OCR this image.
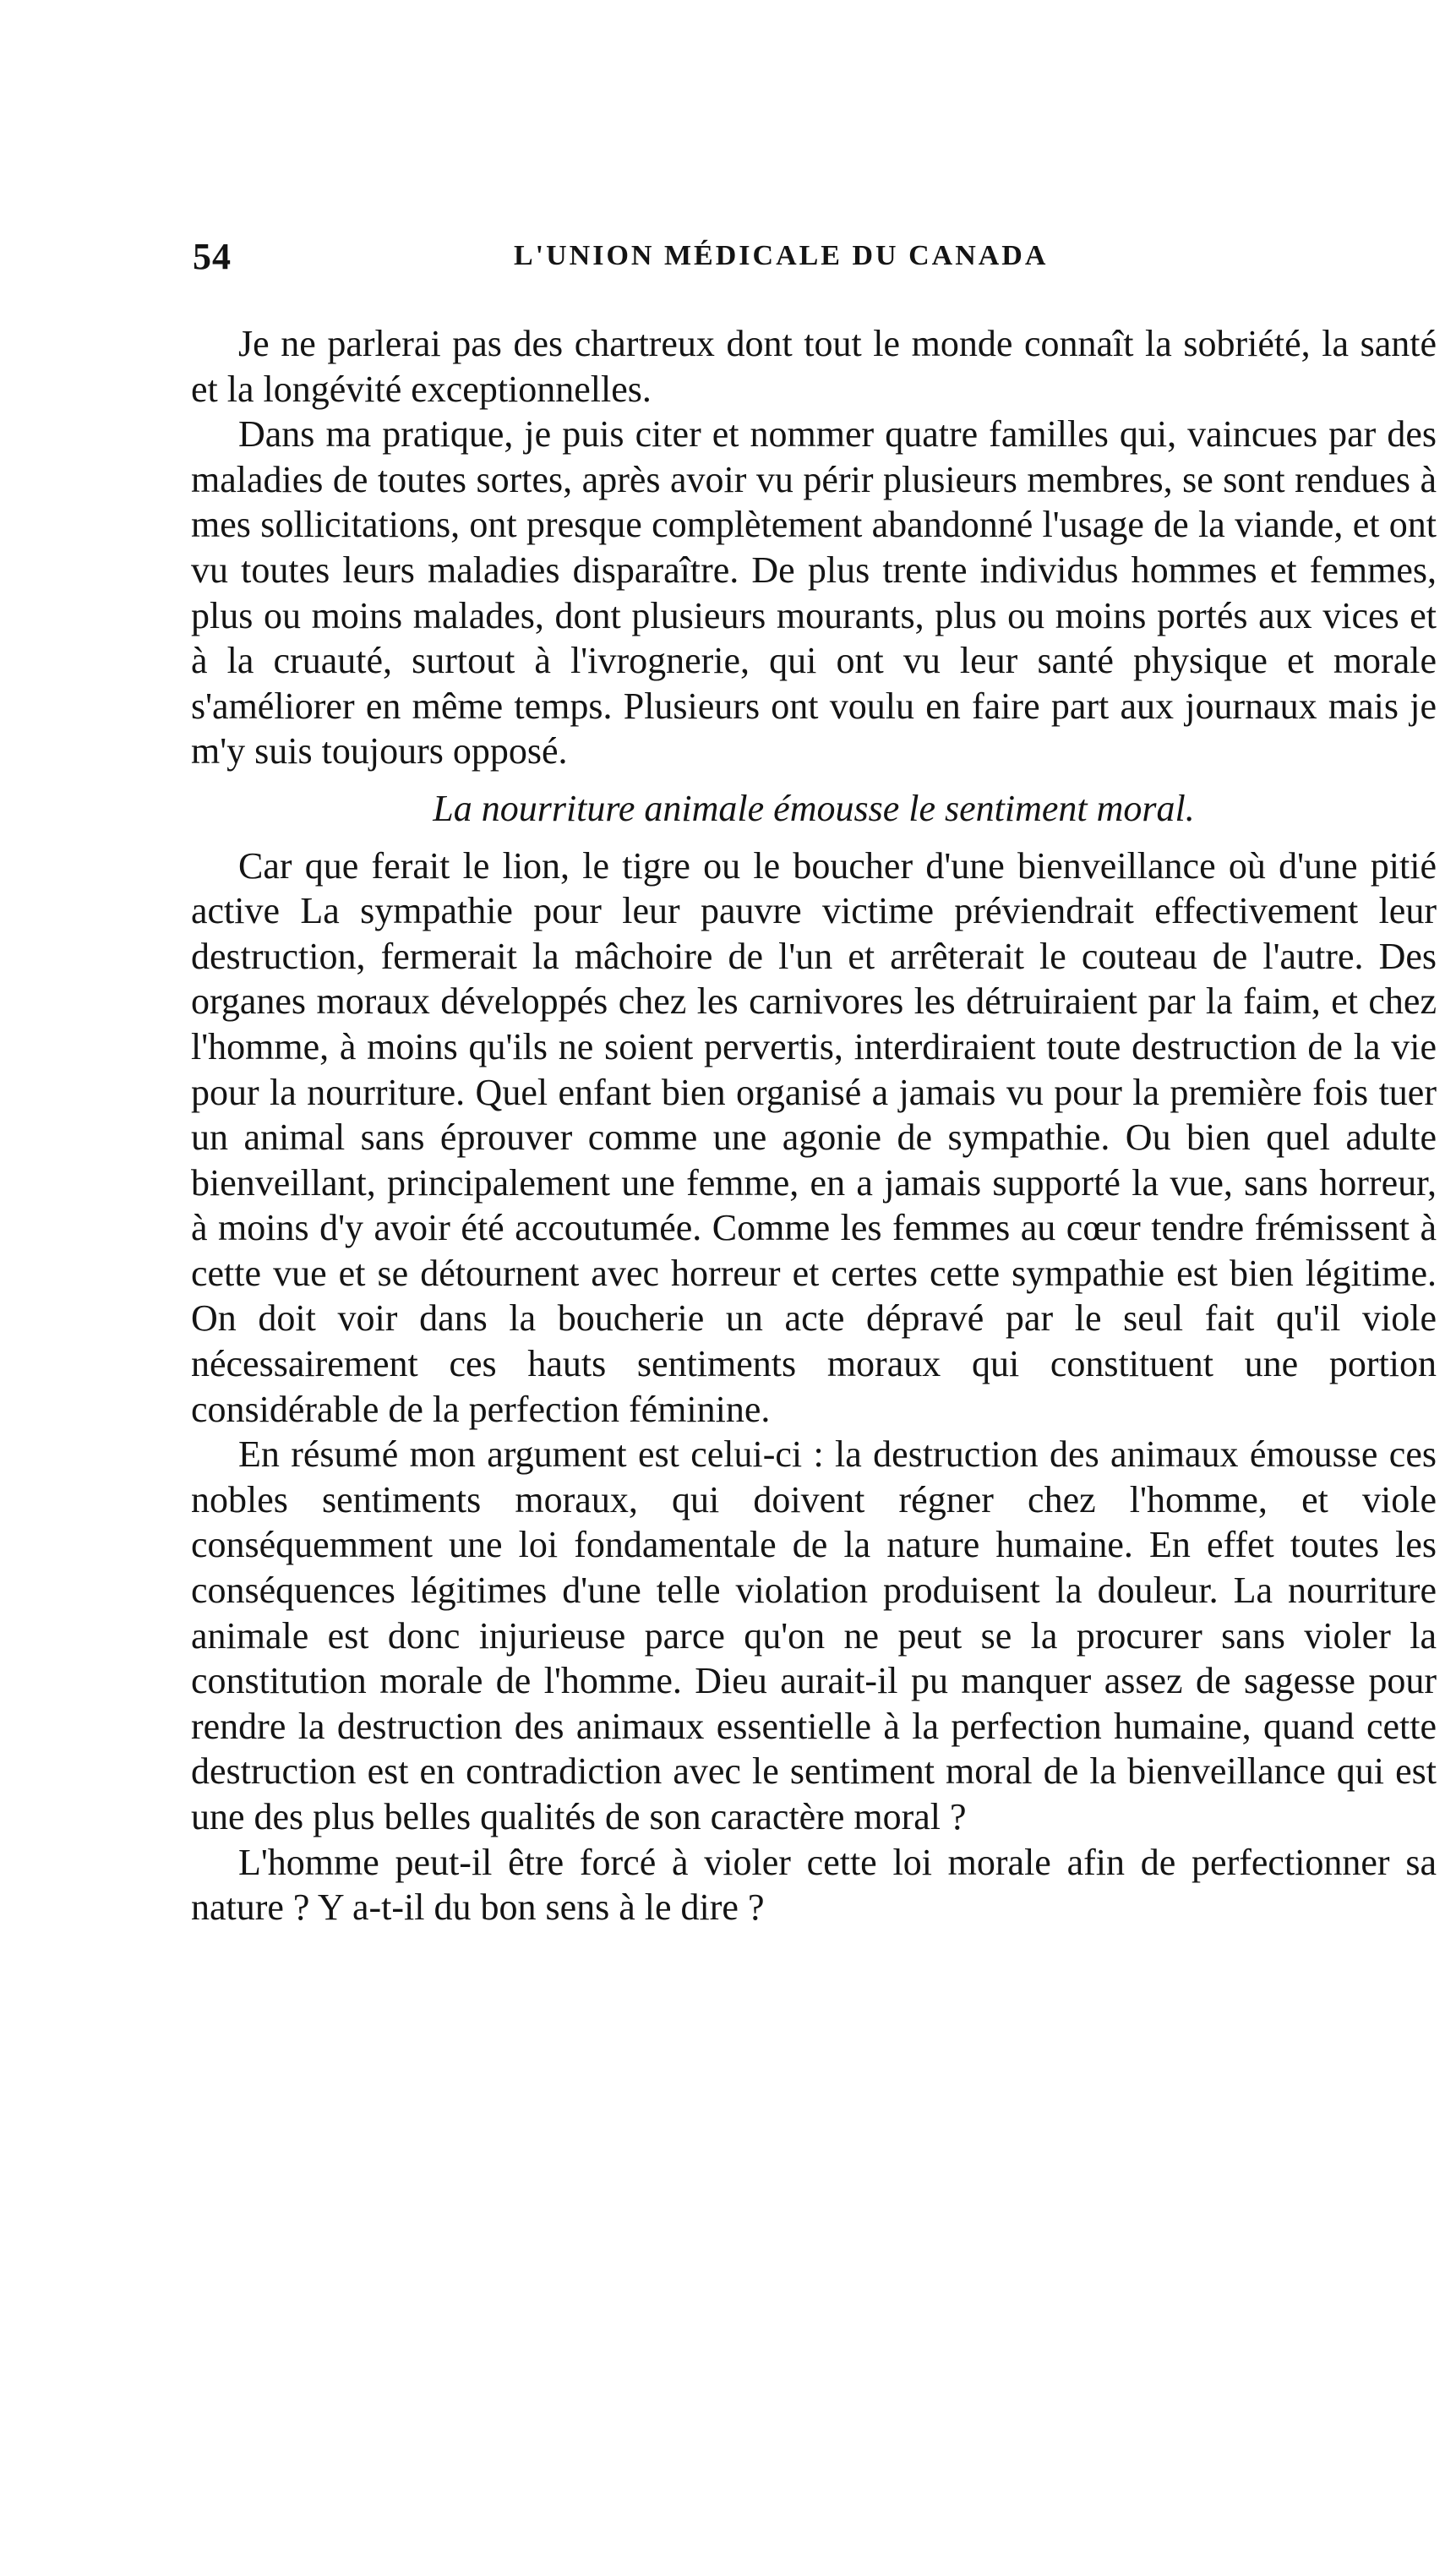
54	L'UNION MÉDICALE DU CANADA

Je ne parlerai pas des chartreux dont tout le monde connaît la sobriété, la santé et la longévité exceptionnelles.

Dans ma pratique, je puis citer et nommer quatre familles qui, vaincues par des maladies de toutes sortes, après avoir vu périr plusieurs membres, se sont rendues à mes sollicitations, ont presque complètement abandonné l'usage de la viande, et ont vu toutes leurs maladies disparaître. De plus trente individus hommes et femmes, plus ou moins malades, dont plusieurs mourants, plus ou moins portés aux vices et à la cruauté, surtout à l'ivrognerie, qui ont vu leur santé physique et morale s'améliorer en même temps. Plusieurs ont voulu en faire part aux journaux mais je m'y suis toujours opposé.

La nourriture animale émousse le sentiment moral.

Car que ferait le lion, le tigre ou le boucher d'une bienveillance où d'une pitié active La sympathie pour leur pauvre victime préviendrait effectivement leur destruction, fermerait la mâchoire de l'un et arrêterait le couteau de l'autre. Des organes moraux développés chez les carnivores les détruiraient par la faim, et chez l'homme, à moins qu'ils ne soient pervertis, interdiraient toute destruction de la vie pour la nourriture. Quel enfant bien organisé a jamais vu pour la première fois tuer un animal sans éprouver comme une agonie de sympathie. Ou bien quel adulte bienveillant, principalement une femme, en a jamais supporté la vue, sans horreur, à moins d'y avoir été accoutumée. Comme les femmes au cœur tendre frémissent à cette vue et se détournent avec horreur et certes cette sympathie est bien légitime. On doit voir dans la boucherie un acte dépravé par le seul fait qu'il viole nécessairement ces hauts sentiments moraux qui constituent une portion considérable de la perfection féminine.

En résumé mon argument est celui-ci : la destruction des animaux émousse ces nobles sentiments moraux, qui doivent régner chez l'homme, et viole conséquemment une loi fondamentale de la nature humaine. En effet toutes les conséquences légitimes d'une telle violation produisent la douleur. La nourriture animale est donc injurieuse parce qu'on ne peut se la procurer sans violer la constitution morale de l'homme. Dieu aurait-il pu manquer assez de sagesse pour rendre la destruction des animaux essentielle à la perfection humaine, quand cette destruction est en contradiction avec le sentiment moral de la bienveillance qui est une des plus belles qualités de son caractère moral ?

L'homme peut-il être forcé à violer cette loi morale afin de perfectionner sa nature ? Y a-t-il du bon sens à le dire ?
